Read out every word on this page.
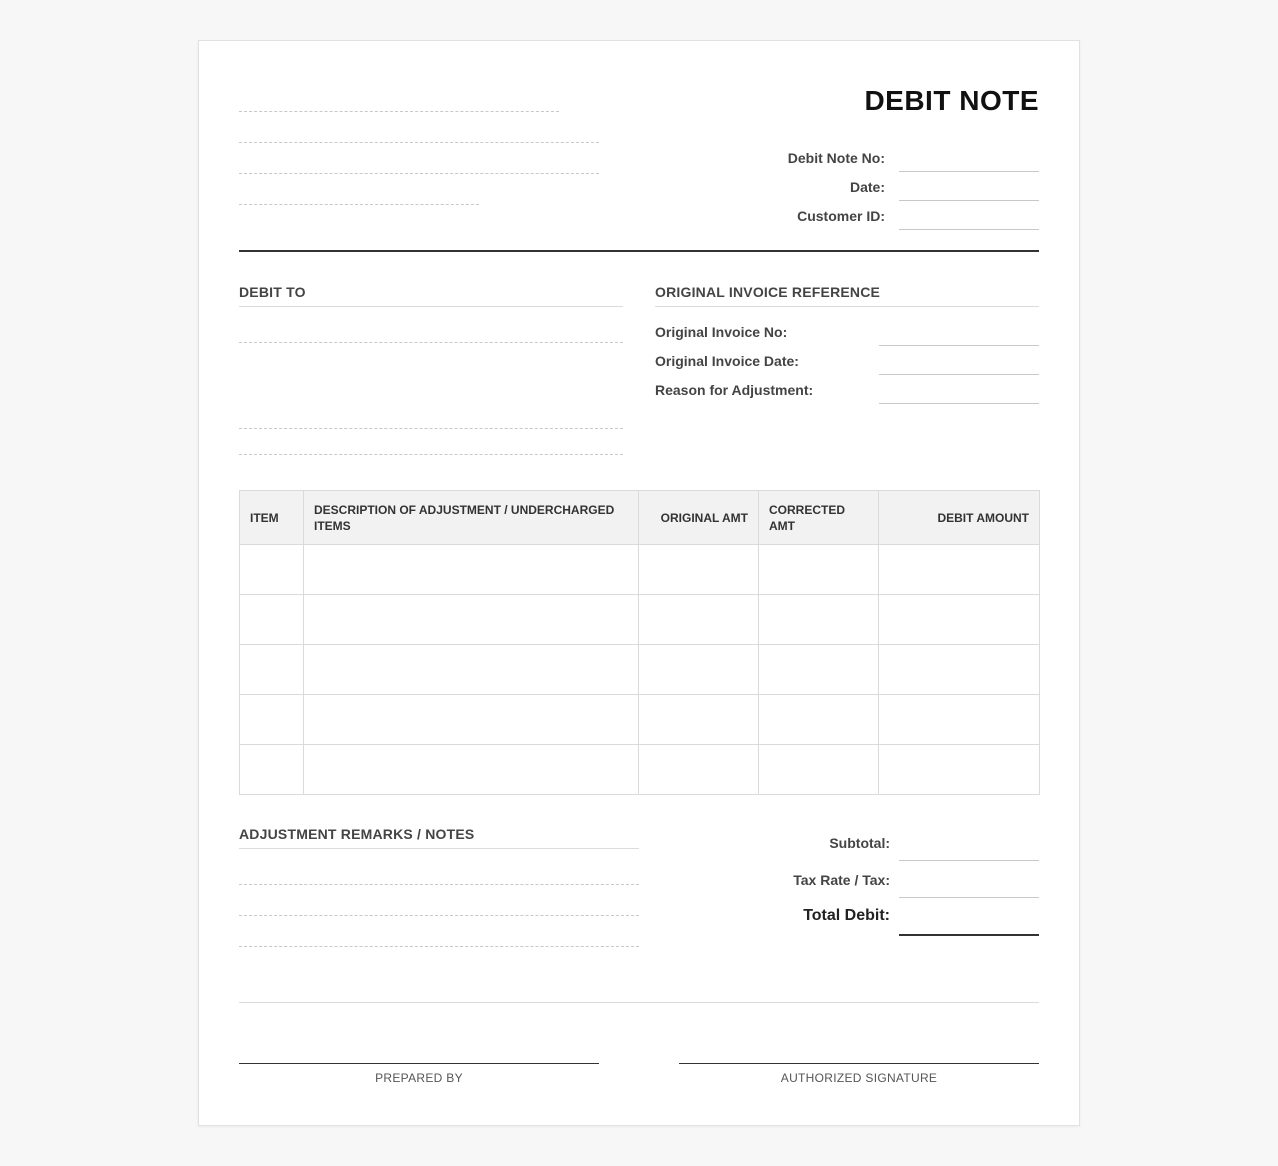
DEBIT NOTE
Debit Note No:
Date:
Customer ID:
DEBIT TO	ORIGINAL INVOICE REFERENCE
Original Invoice No:
Original Invoice Date:
Reason for Adjustment:
ITEM	DESCRIPTION OF ADJUSTMENT / UNDERCHARGED ITEMS	ORIGINAL AMT	CORRECTED AMT	DEBIT AMOUNT

ADJUSTMENT REMARKS / NOTES
Subtotal:
Tax Rate / Tax:
Total Debit:
PREPARED BY	AUTHORIZED SIGNATURE
